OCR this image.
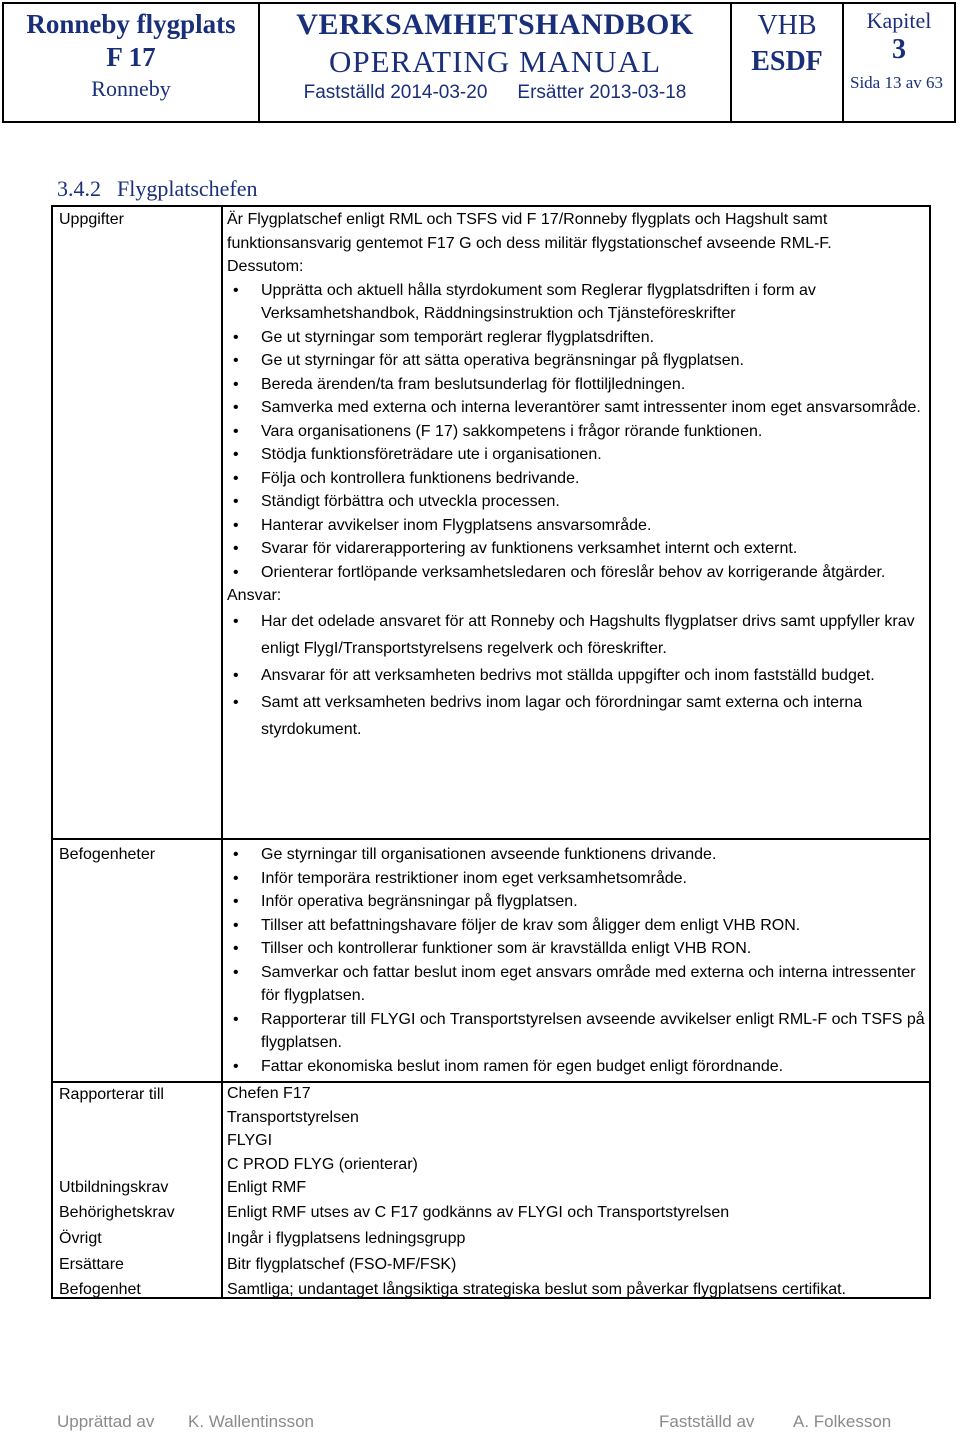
Ronneby flygplats
F 17
Ronneby
VERKSAMHETSHANDBOK
OPERATING MANUAL
Fastställd 2014-03-20 Ersätter 2013-03-18
VHB
ESDF
Kapitel
3
Sida 13 av 63
3.4.2 Flygplatschefen
Uppgifter	Är Flygplatschef enligt RML och TSFS vid F 17/Ronneby flygplats och Hagshult samt funktionsansvarig gentemot F17 G och dess militär flygstationschef avseende RML-F.

Dessutom:

• Upprätta och aktuell hålla styrdokument som Reglerar flygplatsdriften i form av Verksamhetshandbok, Räddningsinstruktion och Tjänsteföreskrifter
• Ge ut styrningar som temporärt reglerar flygplatsdriften.
• Ge ut styrningar för att sätta operativa begränsningar på flygplatsen.
• Bereda ärenden/ta fram beslutsunderlag för flottiljledningen.
• Samverka med externa och interna leverantörer samt intressenter inom eget ansvarsområde.
• Vara organisationens (F 17) sakkompetens i frågor rörande funktionen.
• Stödja funktionsföreträdare ute i organisationen.
• Följa och kontrollera funktionens bedrivande.
• Ständigt förbättra och utveckla processen.
• Hanterar avvikelser inom Flygplatsens ansvarsområde.
• Svarar för vidarerapportering av funktionens verksamhet internt och externt.
• Orienterar fortlöpande verksamhetsledaren och föreslår behov av korrigerande åtgärder.

Ansvar:

• Har det odelade ansvaret för att Ronneby och Hagshults flygplatser drivs samt uppfyller krav enligt FlygI/Transportstyrelsens regelverk och föreskrifter.
• Ansvarar för att verksamheten bedrivs mot ställda uppgifter och inom fastställd budget.
• Samt att verksamheten bedrivs inom lagar och förordningar samt externa och interna styrdokument.
Befogenheter
•	Ge styrningar till organisationen avseende funktionens drivande.
• Inför temporära restriktioner inom eget verksamhetsområde.
• Inför operativa begränsningar på flygplatsen.
• Tillser att befattningshavare följer de krav som åligger dem enligt VHB RON.
• Tillser och kontrollerar funktioner som är kravställda enligt VHB RON.
• Samverkar och fattar beslut inom eget ansvars område med externa och interna intressenter för flygplatsen.
• Rapporterar till FLYGI och Transportstyrelsen avseende avvikelser enligt RML-F och TSFS på flygplatsen.
• Fattar ekonomiska beslut inom ramen för egen budget enligt förordnande.
Rapporterar till	Chefen F17
Transportstyrelsen
FLYGI
C PROD FLYG (orienterar)
Utbildningskrav	Enligt RMF
Behörighetskrav	Enligt RMF utses av C F17 godkänns av FLYGI och Transportstyrelsen
Övrigt	Ingår i flygplatsens ledningsgrupp
Ersättare	Bitr flygplatschef (FSO-MF/FSK)
Befogenhet	Samtliga; undantaget långsiktiga strategiska beslut som påverkar flygplatsens certifikat.
Upprättad av K. Wallentinsson	Fastställd av A. Folkesson
